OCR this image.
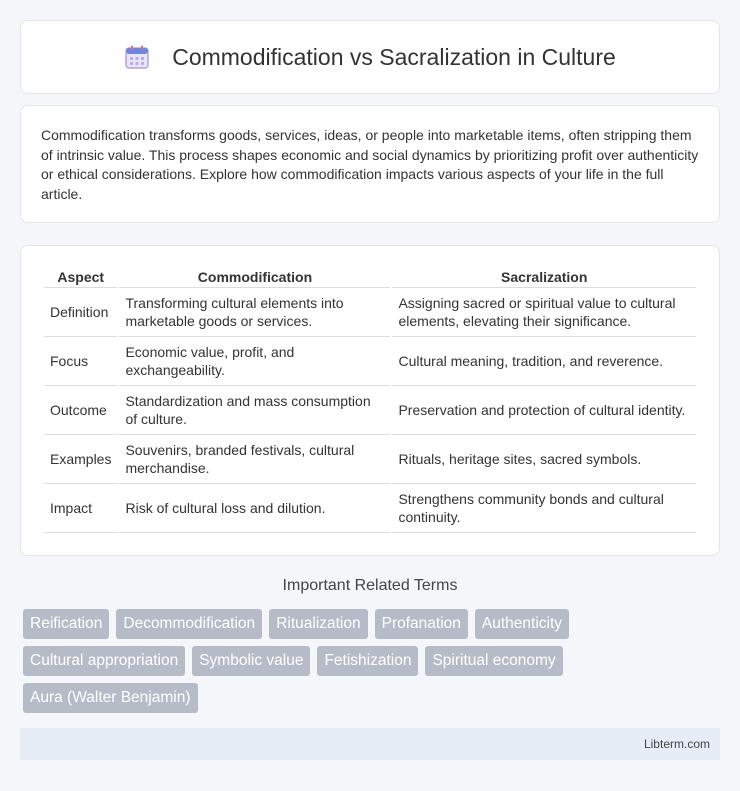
Commodification vs Sacralization in Culture

Commodification transforms goods, services, ideas, or people into marketable items, often stripping them of intrinsic value. This process shapes economic and social dynamics by prioritizing profit over authenticity or ethical considerations. Explore how commodification impacts various aspects of your life in the full article.

Aspect	Commodification	Sacralization
Definition	Transforming cultural elements into marketable goods or services.	Assigning sacred or spiritual value to cultural elements, elevating their significance.
Focus	Economic value, profit, and exchangeability.	Cultural meaning, tradition, and reverence.
Outcome	Standardization and mass consumption of culture.	Preservation and protection of cultural identity.
Examples	Souvenirs, branded festivals, cultural merchandise.	Rituals, heritage sites, sacred symbols.
Impact	Risk of cultural loss and dilution.	Strengthens community bonds and cultural continuity.
Important Related Terms
Reification	Decommodification	Ritualization	Profanation	Authenticity
Cultural appropriation	Symbolic value	Fetishization	Spiritual economy
Aura (Walter Benjamin)
Libterm.com
